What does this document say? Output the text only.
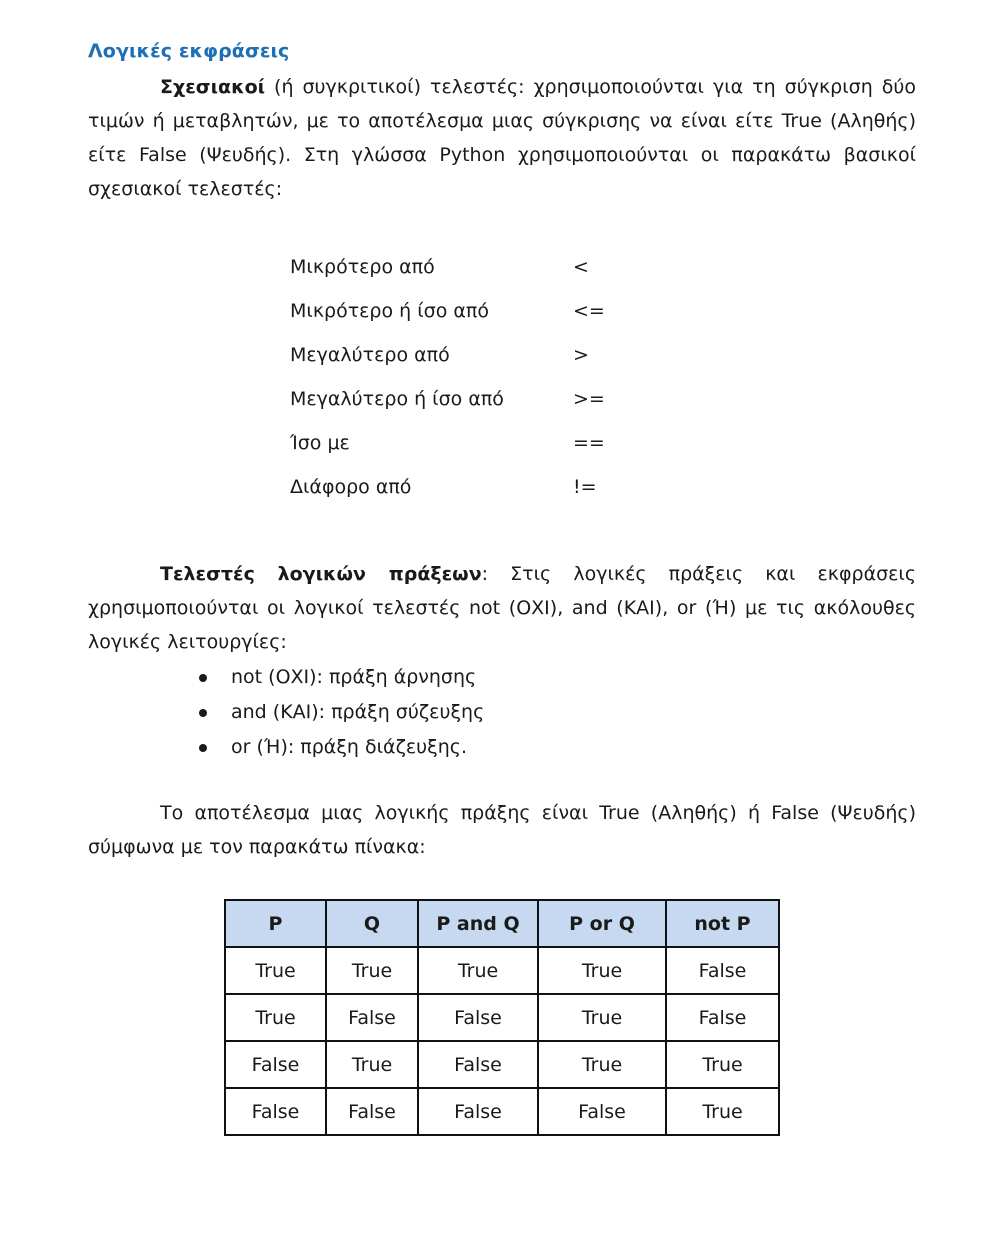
Λογικές εκφράσεις
Σχεσιακοί (ή συγκριτικοί) τελεστές: χρησιμοποιούνται για τη σύγκριση δύο τιμών ή μεταβλητών, με το αποτέλεσμα μιας σύγκρισης να είναι είτε True (Αληθής) είτε False (Ψευδής). Στη γλώσσα Python χρησιμοποιούνται οι παρακάτω βασικοί σχεσιακοί τελεστές:
Μικρότερο από	<
Μικρότερο ή ίσο από	<=
Μεγαλύτερο από	>
Μεγαλύτερο ή ίσο από	>=
Ίσο με	==
Διάφορο από	!=
Τελεστές λογικών πράξεων: Στις λογικές πράξεις και εκφράσεις χρησιμοποιούνται οι λογικοί τελεστές not (ΟΧΙ), and (ΚΑΙ), or (Ή) με τις ακόλουθες λογικές λειτουργίες:
not (ΟΧΙ): πράξη άρνησης
and (ΚΑΙ): πράξη σύζευξης
or (Ή): πράξη διάζευξης.
Το αποτέλεσμα μιας λογικής πράξης είναι True (Αληθής) ή False (Ψευδής) σύμφωνα με τον παρακάτω πίνακα:
P	Q	P and Q	P or Q	not P
True	True	True	True	False
True	False	False	True	False
False	True	False	True	True
False	False	False	False	True
